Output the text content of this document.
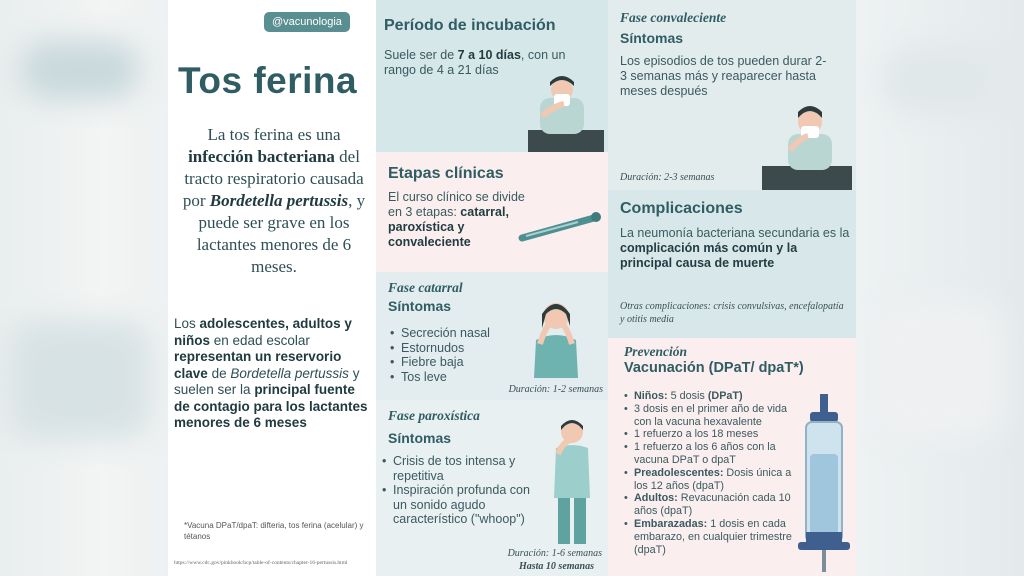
@vacunologia
Tos ferina
La tos ferina es una infección bacteriana del tracto respiratorio causada por Bordetella pertussis, y puede ser grave en los lactantes menores de 6 meses.
Los adolescentes, adultos y niños en edad escolar representan un reservorio clave de Bordetella pertussis y suelen ser la principal fuente de contagio para los lactantes menores de 6 meses
*Vacuna DPaT/dpaT: difteria, tos ferina (acelular) y tétanos
https://www.cdc.gov/pinkbook/hcp/table-of-contents/chapter-16-pertussis.html
Período de incubación
Suele ser de 7 a 10 días, con un rango de 4 a 21 días
Etapas clínicas
El curso clínico se divide en 3 etapas: catarral, paroxística y convaleciente
Fase catarral
Síntomas
• Secreción nasal
• Estornudos
• Fiebre baja
• Tos leve
Duración: 1-2 semanas
Fase paroxística
Síntomas
• Crisis de tos intensa y repetitiva
• Inspiración profunda con un sonido agudo característico ("whoop")
Duración: 1-6 semanas
Hasta 10 semanas
Fase convaleciente
Síntomas
Los episodios de tos pueden durar 2-3 semanas más y reaparecer hasta meses después
Duración: 2-3 semanas
Complicaciones
La neumonía bacteriana secundaria es la complicación más común y la principal causa de muerte
Otras complicaciones: crisis convulsivas, encefalopatía y otitis media
Prevención
Vacunación (DPaT/ dpaT*)
• Niños: 5 dosis (DPaT)
• 3 dosis en el primer año de vida con la vacuna hexavalente
• 1 refuerzo a los 18 meses
• 1 refuerzo a los 6 años con la vacuna DPaT o dpaT
• Preadolescentes: Dosis única a los 12 años (dpaT)
• Adultos: Revacunación cada 10 años (dpaT)
• Embarazadas: 1 dosis en cada embarazo, en cualquier trimestre (dpaT)
